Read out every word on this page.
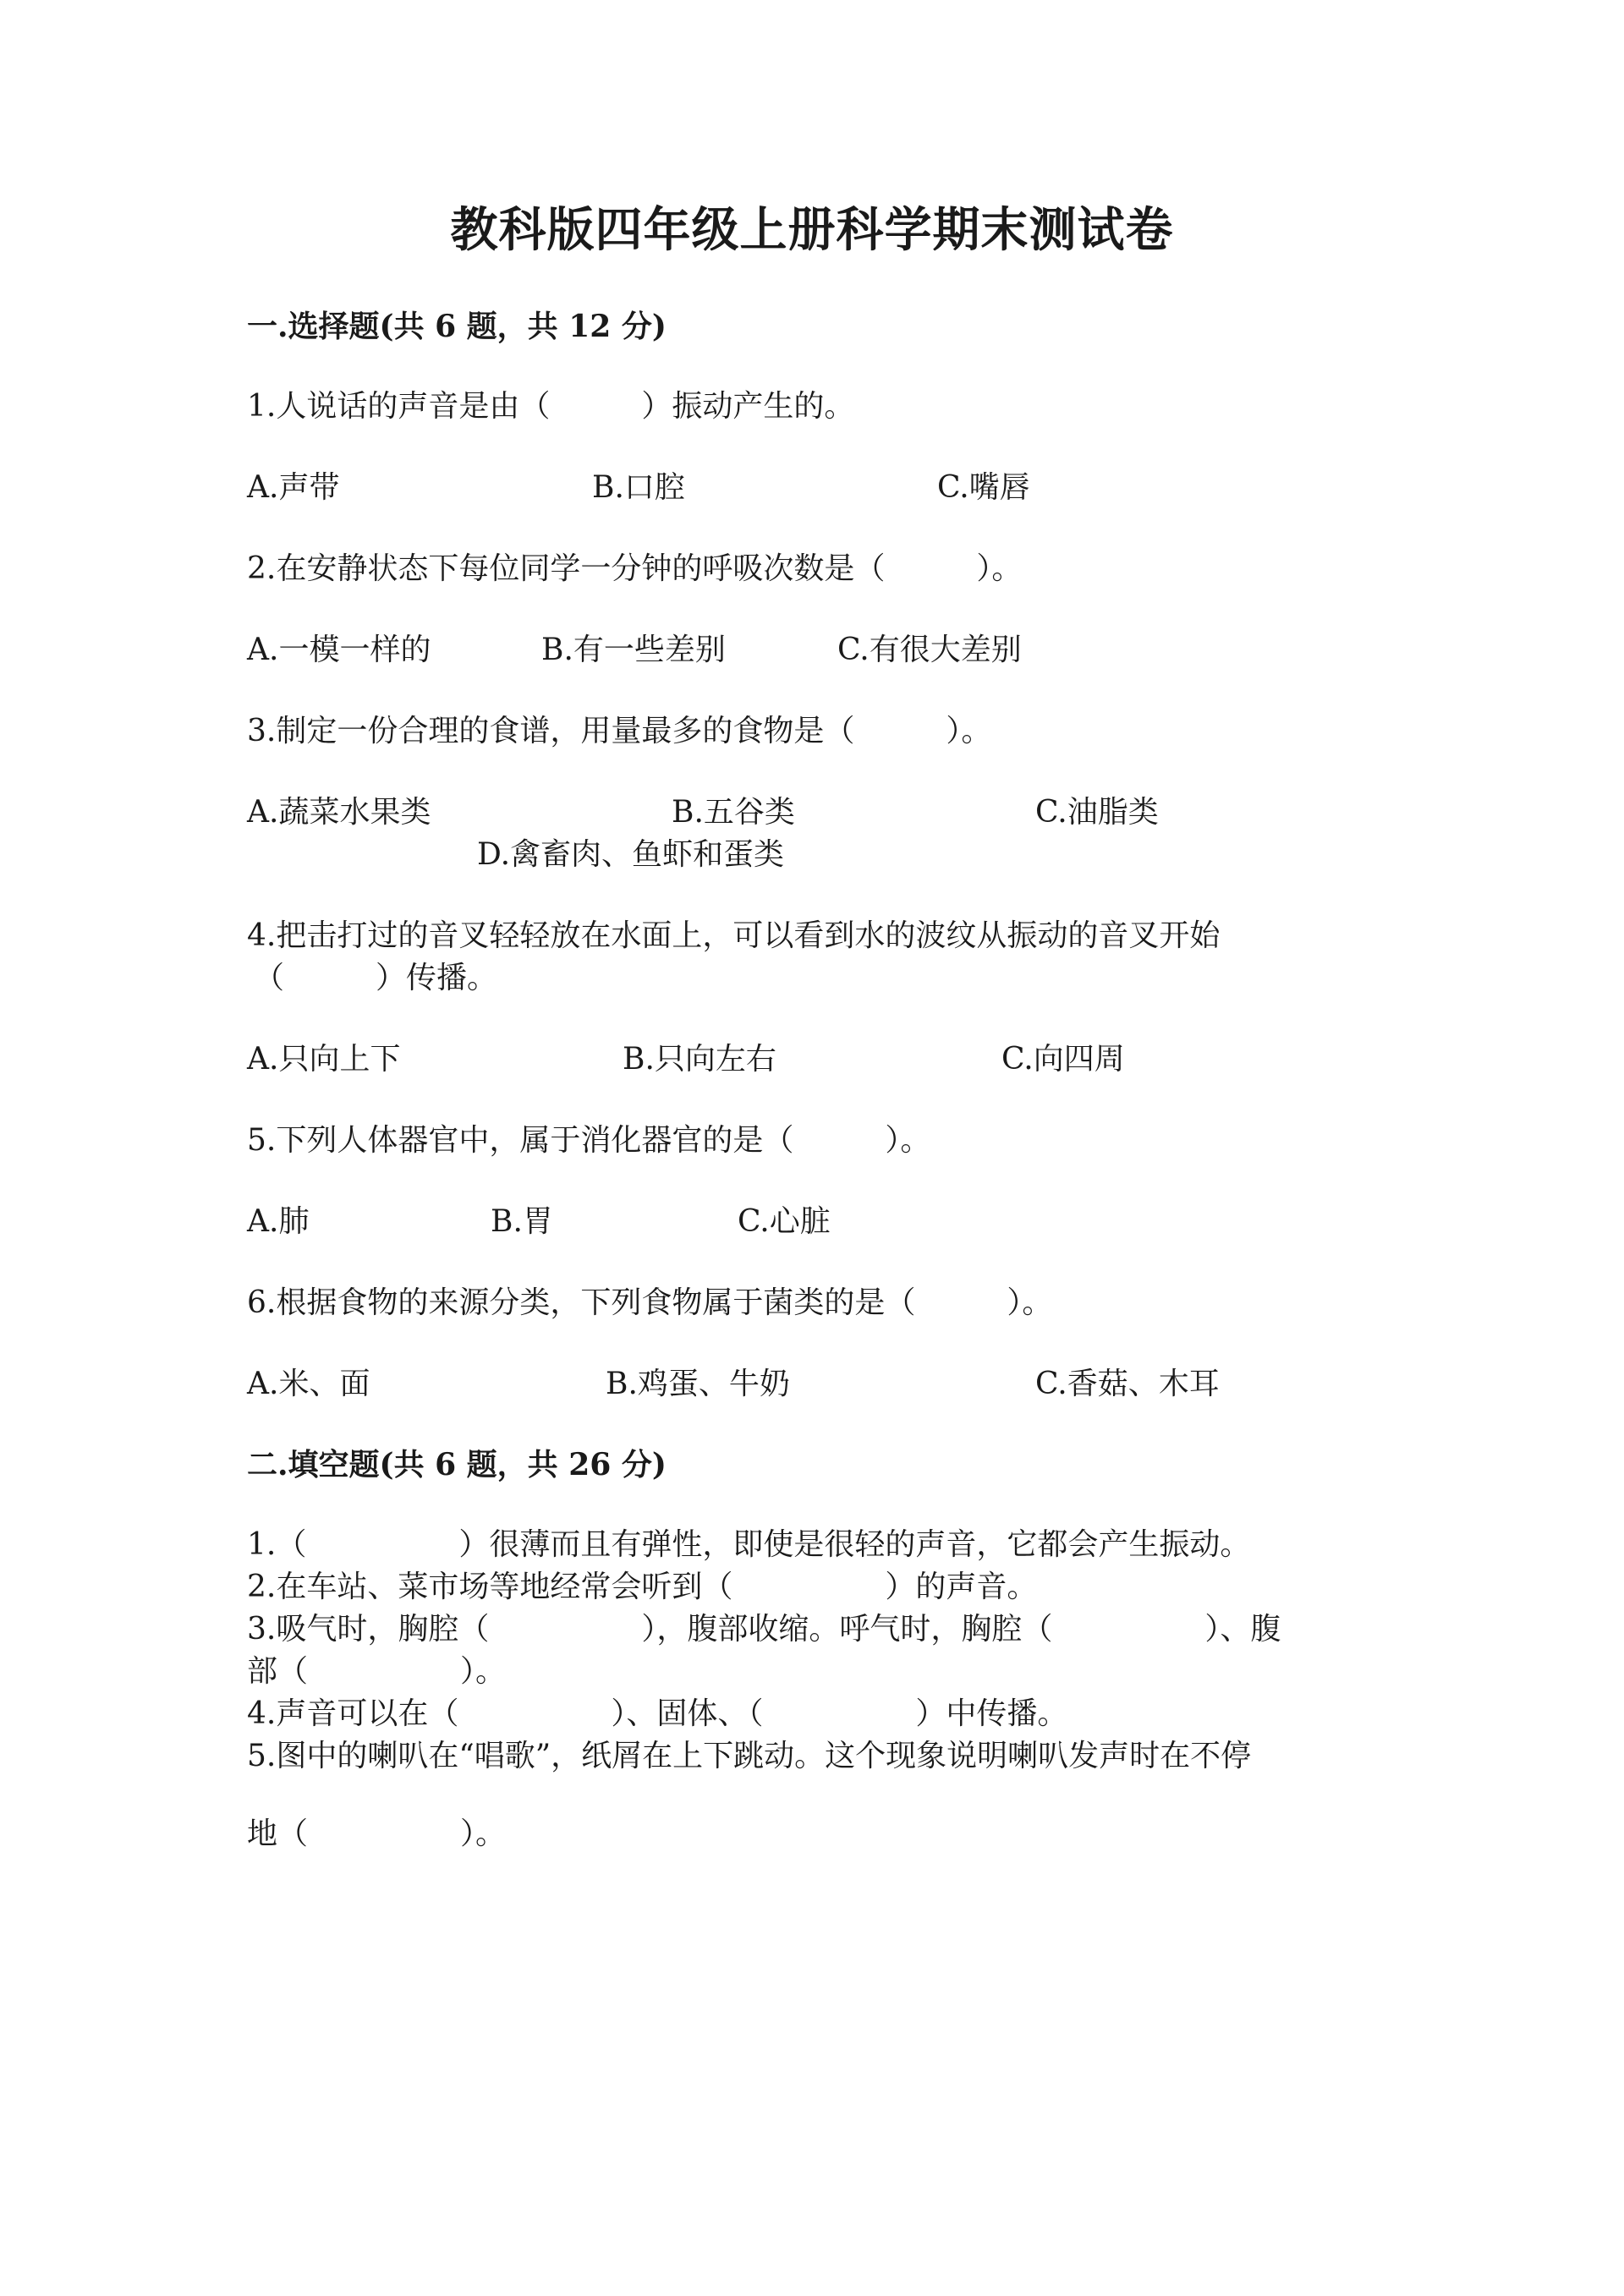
教科版四年级上册科学期末测试卷

一.选择题(共 6 题，共 12 分)

1.人说话的声音是由（　　　）振动产生的。

A.声带	B.口腔	C.嘴唇

2.在安静状态下每位同学一分钟的呼吸次数是（　　　）。

A.一模一样的	B.有一些差别	C.有很大差别

3.制定一份合理的食谱，用量最多的食物是（　　　）。

A.蔬菜水果类	B.五谷类	C.油脂类

D.禽畜肉、鱼虾和蛋类

4.把击打过的音叉轻轻放在水面上，可以看到水的波纹从振动的音叉开始

（　　　）传播。

A.只向上下	B.只向左右	C.向四周

5.下列人体器官中，属于消化器官的是（　　　）。

A.肺	B.胃	C.心脏

6.根据食物的来源分类，下列食物属于菌类的是（　　　）。

A.米、面	B.鸡蛋、牛奶	C.香菇、木耳

二.填空题(共 6 题，共 26 分)

1.（　　　　　）很薄而且有弹性，即使是很轻的声音，它都会产生振动。

2.在车站、菜市场等地经常会听到（　　　　　）的声音。

3.吸气时，胸腔（　　　　　），腹部收缩。呼气时，胸腔（　　　　　）、腹

部（　　　　　）。

4.声音可以在（　　　　　）、固体、（　　　　　）中传播。

5.图中的喇叭在“唱歌”，纸屑在上下跳动。这个现象说明喇叭发声时在不停

地（　　　　　）。
